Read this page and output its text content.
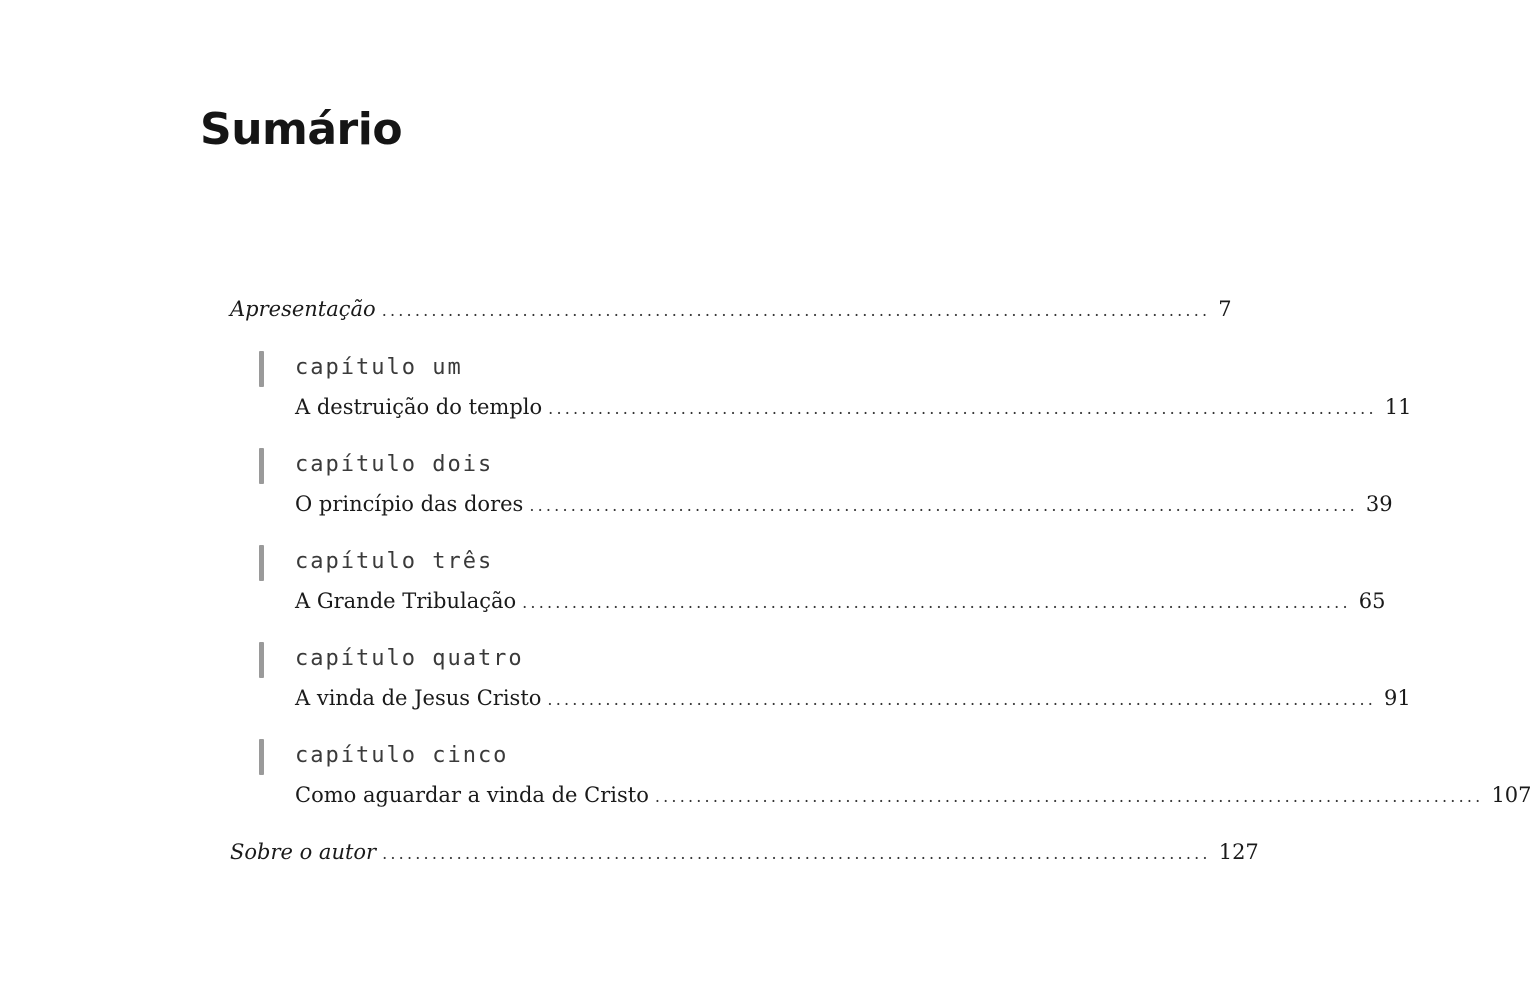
Sumário
Apresentação .................................................................................................... 7
capítulo um
A destruição do templo .................................................................................................... 11
capítulo dois
O princípio das dores .................................................................................................... 39
capítulo três
A Grande Tribulação .................................................................................................... 65
capítulo quatro
A vinda de Jesus Cristo .................................................................................................... 91
capítulo cinco
Como aguardar a vinda de Cristo .................................................................................................... 107
Sobre o autor .................................................................................................... 127
